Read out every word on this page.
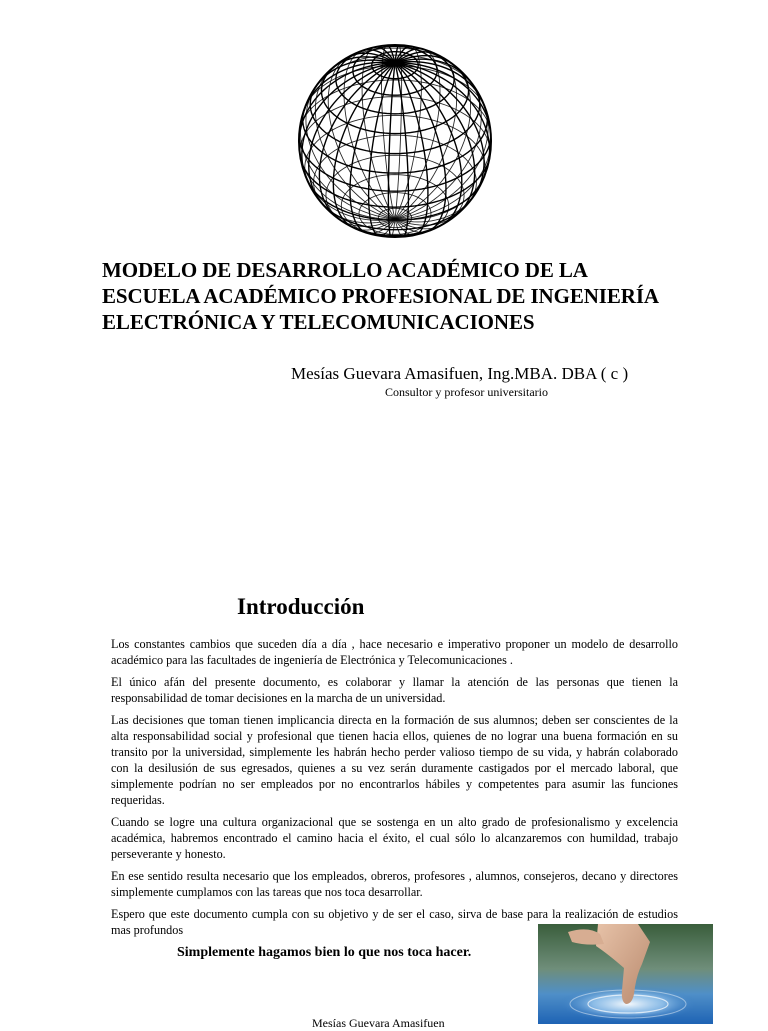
MODELO DE DESARROLLO ACADÉMICO DE LA
ESCUELA ACADÉMICO PROFESIONAL DE INGENIERÍA
ELECTRÓNICA Y TELECOMUNICACIONES
Mesías Guevara Amasifuen, Ing.MBA. DBA ( c )
Consultor y profesor universitario
Introducción

Los constantes cambios que suceden día a día , hace necesario e imperativo proponer un modelo de desarrollo académico para las facultades de ingeniería de Electrónica y Telecomunicaciones .

El único afán del presente documento, es colaborar y llamar la atención de las personas que tienen la responsabilidad de tomar decisiones en la marcha de un universidad.

Las decisiones que toman tienen implicancia directa en la formación de sus alumnos; deben ser conscientes de la alta responsabilidad social y profesional que tienen hacia ellos, quienes de no lograr una buena formación en su transito por la universidad, simplemente les habrán hecho perder valioso tiempo de su vida, y habrán colaborado con la desilusión de sus egresados, quienes a su vez serán duramente castigados por el mercado laboral, que simplemente podrían no ser empleados por no encontrarlos hábiles y competentes para asumir las funciones requeridas.

Cuando se logre una cultura organizacional que se sostenga en un alto grado de profesionalismo y excelencia académica, habremos encontrado el camino hacia el éxito, el cual sólo lo alcanzaremos con humildad, trabajo perseverante y honesto.

En ese sentido resulta necesario que los empleados, obreros, profesores , alumnos, consejeros, decano y directores simplemente cumplamos con las tareas que nos toca desarrollar.

Espero que este documento cumpla con su objetivo y de ser el caso, sirva de base para la realización de estudios mas profundos

Simplemente hagamos bien lo que nos toca hacer.
Mesías Guevara Amasifuen
